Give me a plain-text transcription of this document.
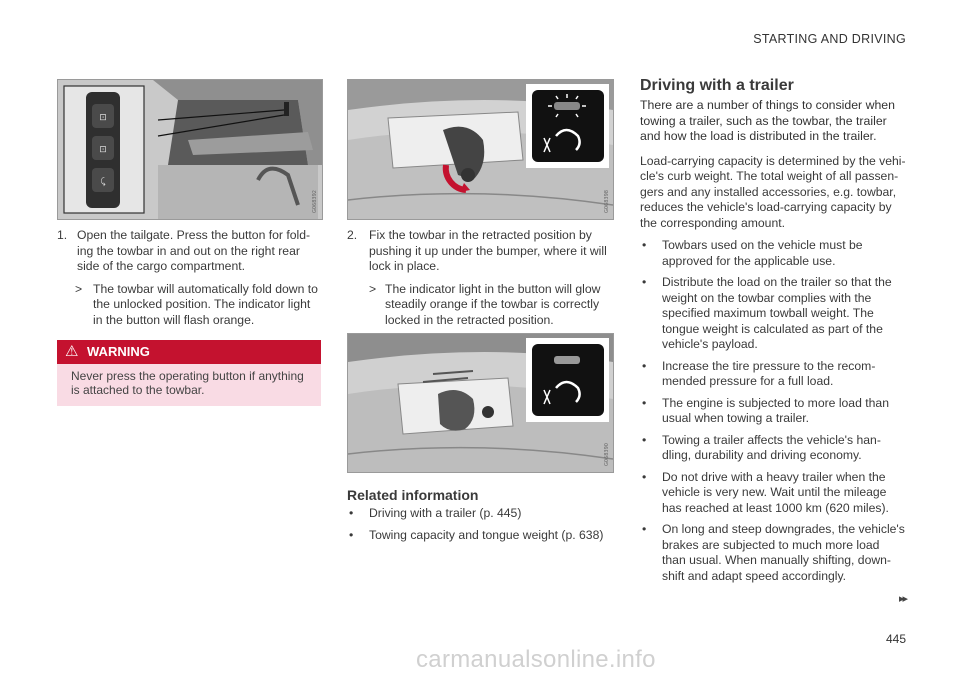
STARTING AND DRIVING
⊡
⊡
⤹
G068392
1. Open the tailgate. Press the button for fold-ing the towbar in and out on the right rear side of the cargo compartment.
> The towbar will automatically fold down to the unlocked position. The indicator light in the button will flash orange.
⚠ WARNING
Never press the operating button if anything is attached to the towbar.
G068398
2. Fix the towbar in the retracted position by pushing it up under the bumper, where it will lock in place.
> The indicator light in the button will glow steadily orange if the towbar is correctly locked in the retracted position.
G068390
Related information
• Driving with a trailer (p. 445)
• Towing capacity and tongue weight (p. 638)
Driving with a trailer
There are a number of things to consider when towing a trailer, such as the towbar, the trailer and how the load is distributed in the trailer.
Load-carrying capacity is determined by the vehi-cle's curb weight. The total weight of all passen-gers and any installed accessories, e.g. towbar, reduces the vehicle's load-carrying capacity by the corresponding amount.
• Towbars used on the vehicle must be approved for the applicable use.
• Distribute the load on the trailer so that the weight on the towbar complies with the specified maximum towball weight. The tongue weight is calculated as part of the vehicle's payload.
• Increase the tire pressure to the recom-mended pressure for a full load.
• The engine is subjected to more load than usual when towing a trailer.
• Towing a trailer affects the vehicle's han-dling, durability and driving economy.
• Do not drive with a heavy trailer when the vehicle is very new. Wait until the mileage has reached at least 1000 km (620 miles).
• On long and steep downgrades, the vehicle's brakes are subjected to much more load than usual. When manually shifting, down-shift and adapt speed accordingly.
▸▸
445
carmanualsonline.info
